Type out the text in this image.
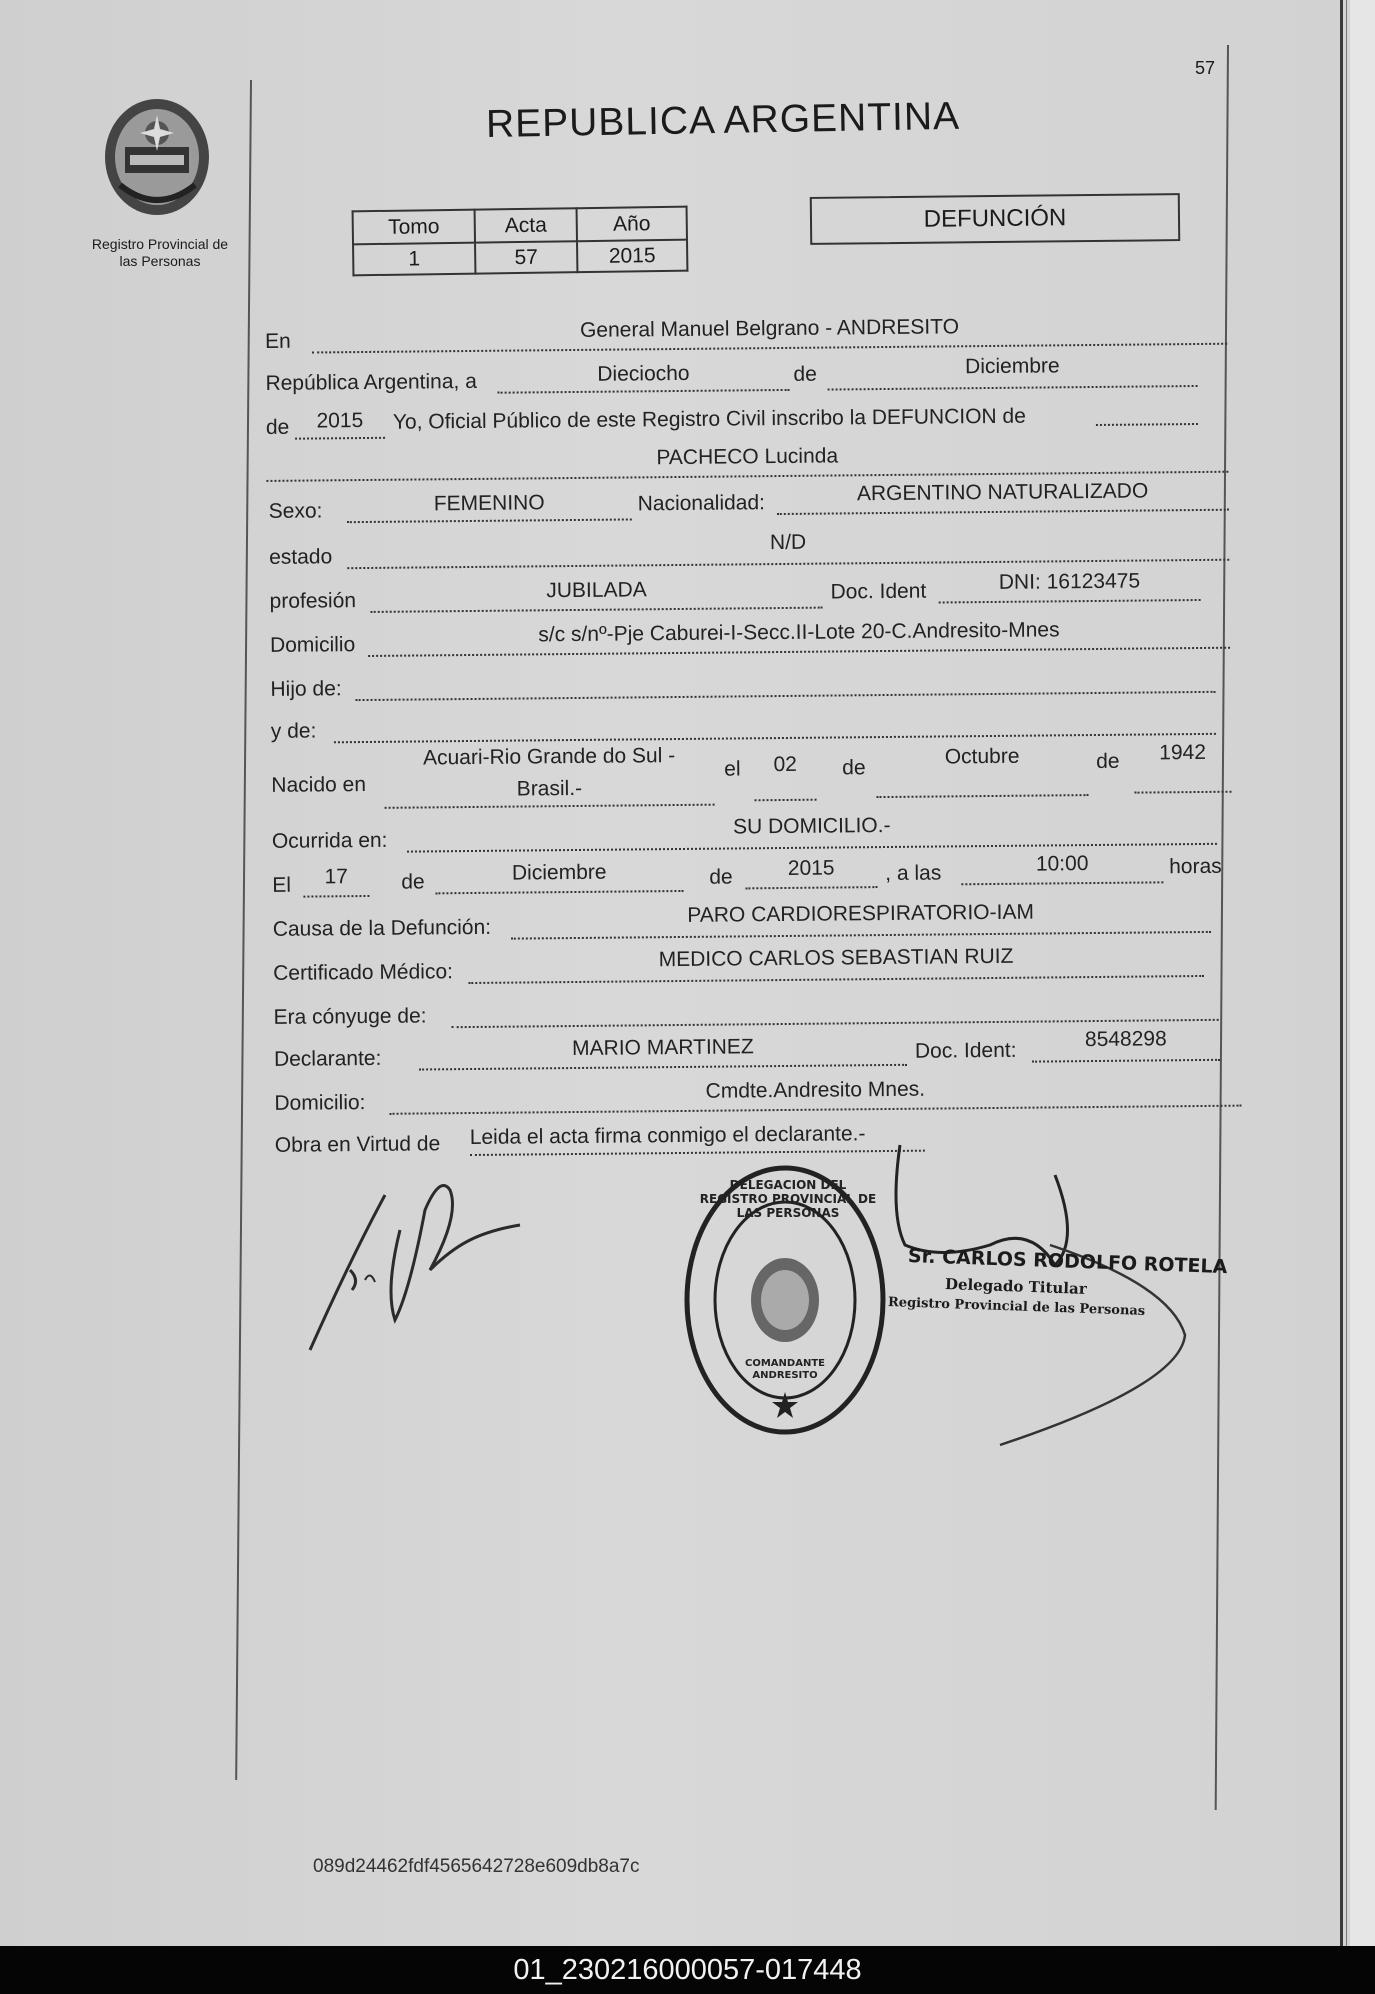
57
Registro Provincial de
las Personas
REPUBLICA ARGENTINA
Tomo	Acta	Año
1	57	2015
DEFUNCIÓN
En	General Manuel Belgrano - ANDRESITO
República Argentina, a	Dieciocho	de	Diciembre
de	2015	Yo, Oficial Público de este Registro Civil inscribo la DEFUNCION de
PACHECO Lucinda
Sexo:	FEMENINO	Nacionalidad:	ARGENTINO NATURALIZADO
estado
N/D
profesión	JUBILADA	Doc. Ident	DNI: 16123475
Domicilio	s/c s/nº-Pje Caburei-I-Secc.II-Lote 20-C.Andresito-Mnes
Hijo de:
y de:
Nacido en
Acuari-Rio Grande do Sul -
Brasil.-
el	02	de	Octubre	de	1942
Ocurrida en:
SU DOMICILIO.-
El	17	de	Diciembre	de	2015	, a las	10:00	horas
Causa de la Defunción:
PARO CARDIORESPIRATORIO-IAM
Certificado Médico:
MEDICO CARLOS SEBASTIAN RUIZ
Era cónyuge de:
Declarante:	MARIO MARTINEZ	Doc. Ident:	8548298
Domicilio:
Cmdte.Andresito Mnes.
Obra en Virtud de Leida el acta firma conmigo el declarante.-
DELEGACION DEL REGISTRO PROVINCIAL DE LAS PERSONAS
COMANDANTE ANDRESITO
Sr. CARLOS RODOLFO ROTELA
Delegado Titular
Registro Provincial de las Personas
089d24462fdf4565642728e609db8a7c
01_230216000057-017448
